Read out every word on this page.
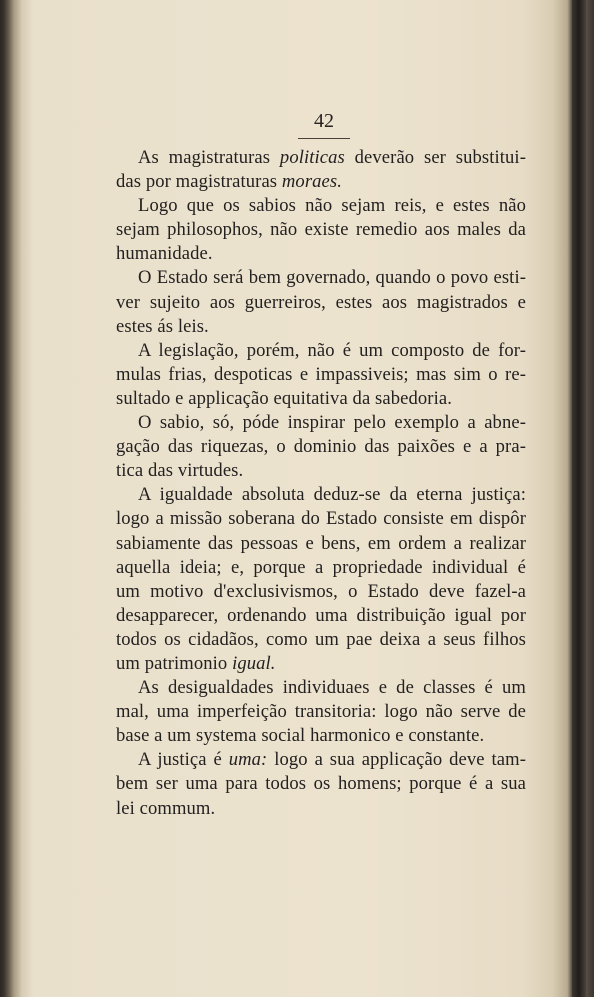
42
As magistraturas politicas deverão ser substitui-
das por magistraturas moraes.
Logo que os sabios não sejam reis, e estes não
sejam philosophos, não existe remedio aos males da
humanidade.
O Estado será bem governado, quando o povo esti-
ver sujeito aos guerreiros, estes aos magistrados e
estes ás leis.
A legislação, porém, não é um composto de for-
mulas frias, despoticas e impassiveis; mas sim o re-
sultado e applicação equitativa da sabedoria.
O sabio, só, póde inspirar pelo exemplo a abne-
gação das riquezas, o dominio das paixões e a pra-
tica das virtudes.
A igualdade absoluta deduz-se da eterna justiça:
logo a missão soberana do Estado consiste em dispôr
sabiamente das pessoas e bens, em ordem a realizar
aquella ideia; e, porque a propriedade individual é
um motivo d'exclusivismos, o Estado deve fazel-a
desapparecer, ordenando uma distribuição igual por
todos os cidadãos, como um pae deixa a seus filhos
um patrimonio igual.
As desigualdades individuaes e de classes é um
mal, uma imperfeição transitoria: logo não serve de
base a um systema social harmonico e constante.
A justiça é uma: logo a sua applicação deve tam-
bem ser uma para todos os homens; porque é a sua
lei commum.
